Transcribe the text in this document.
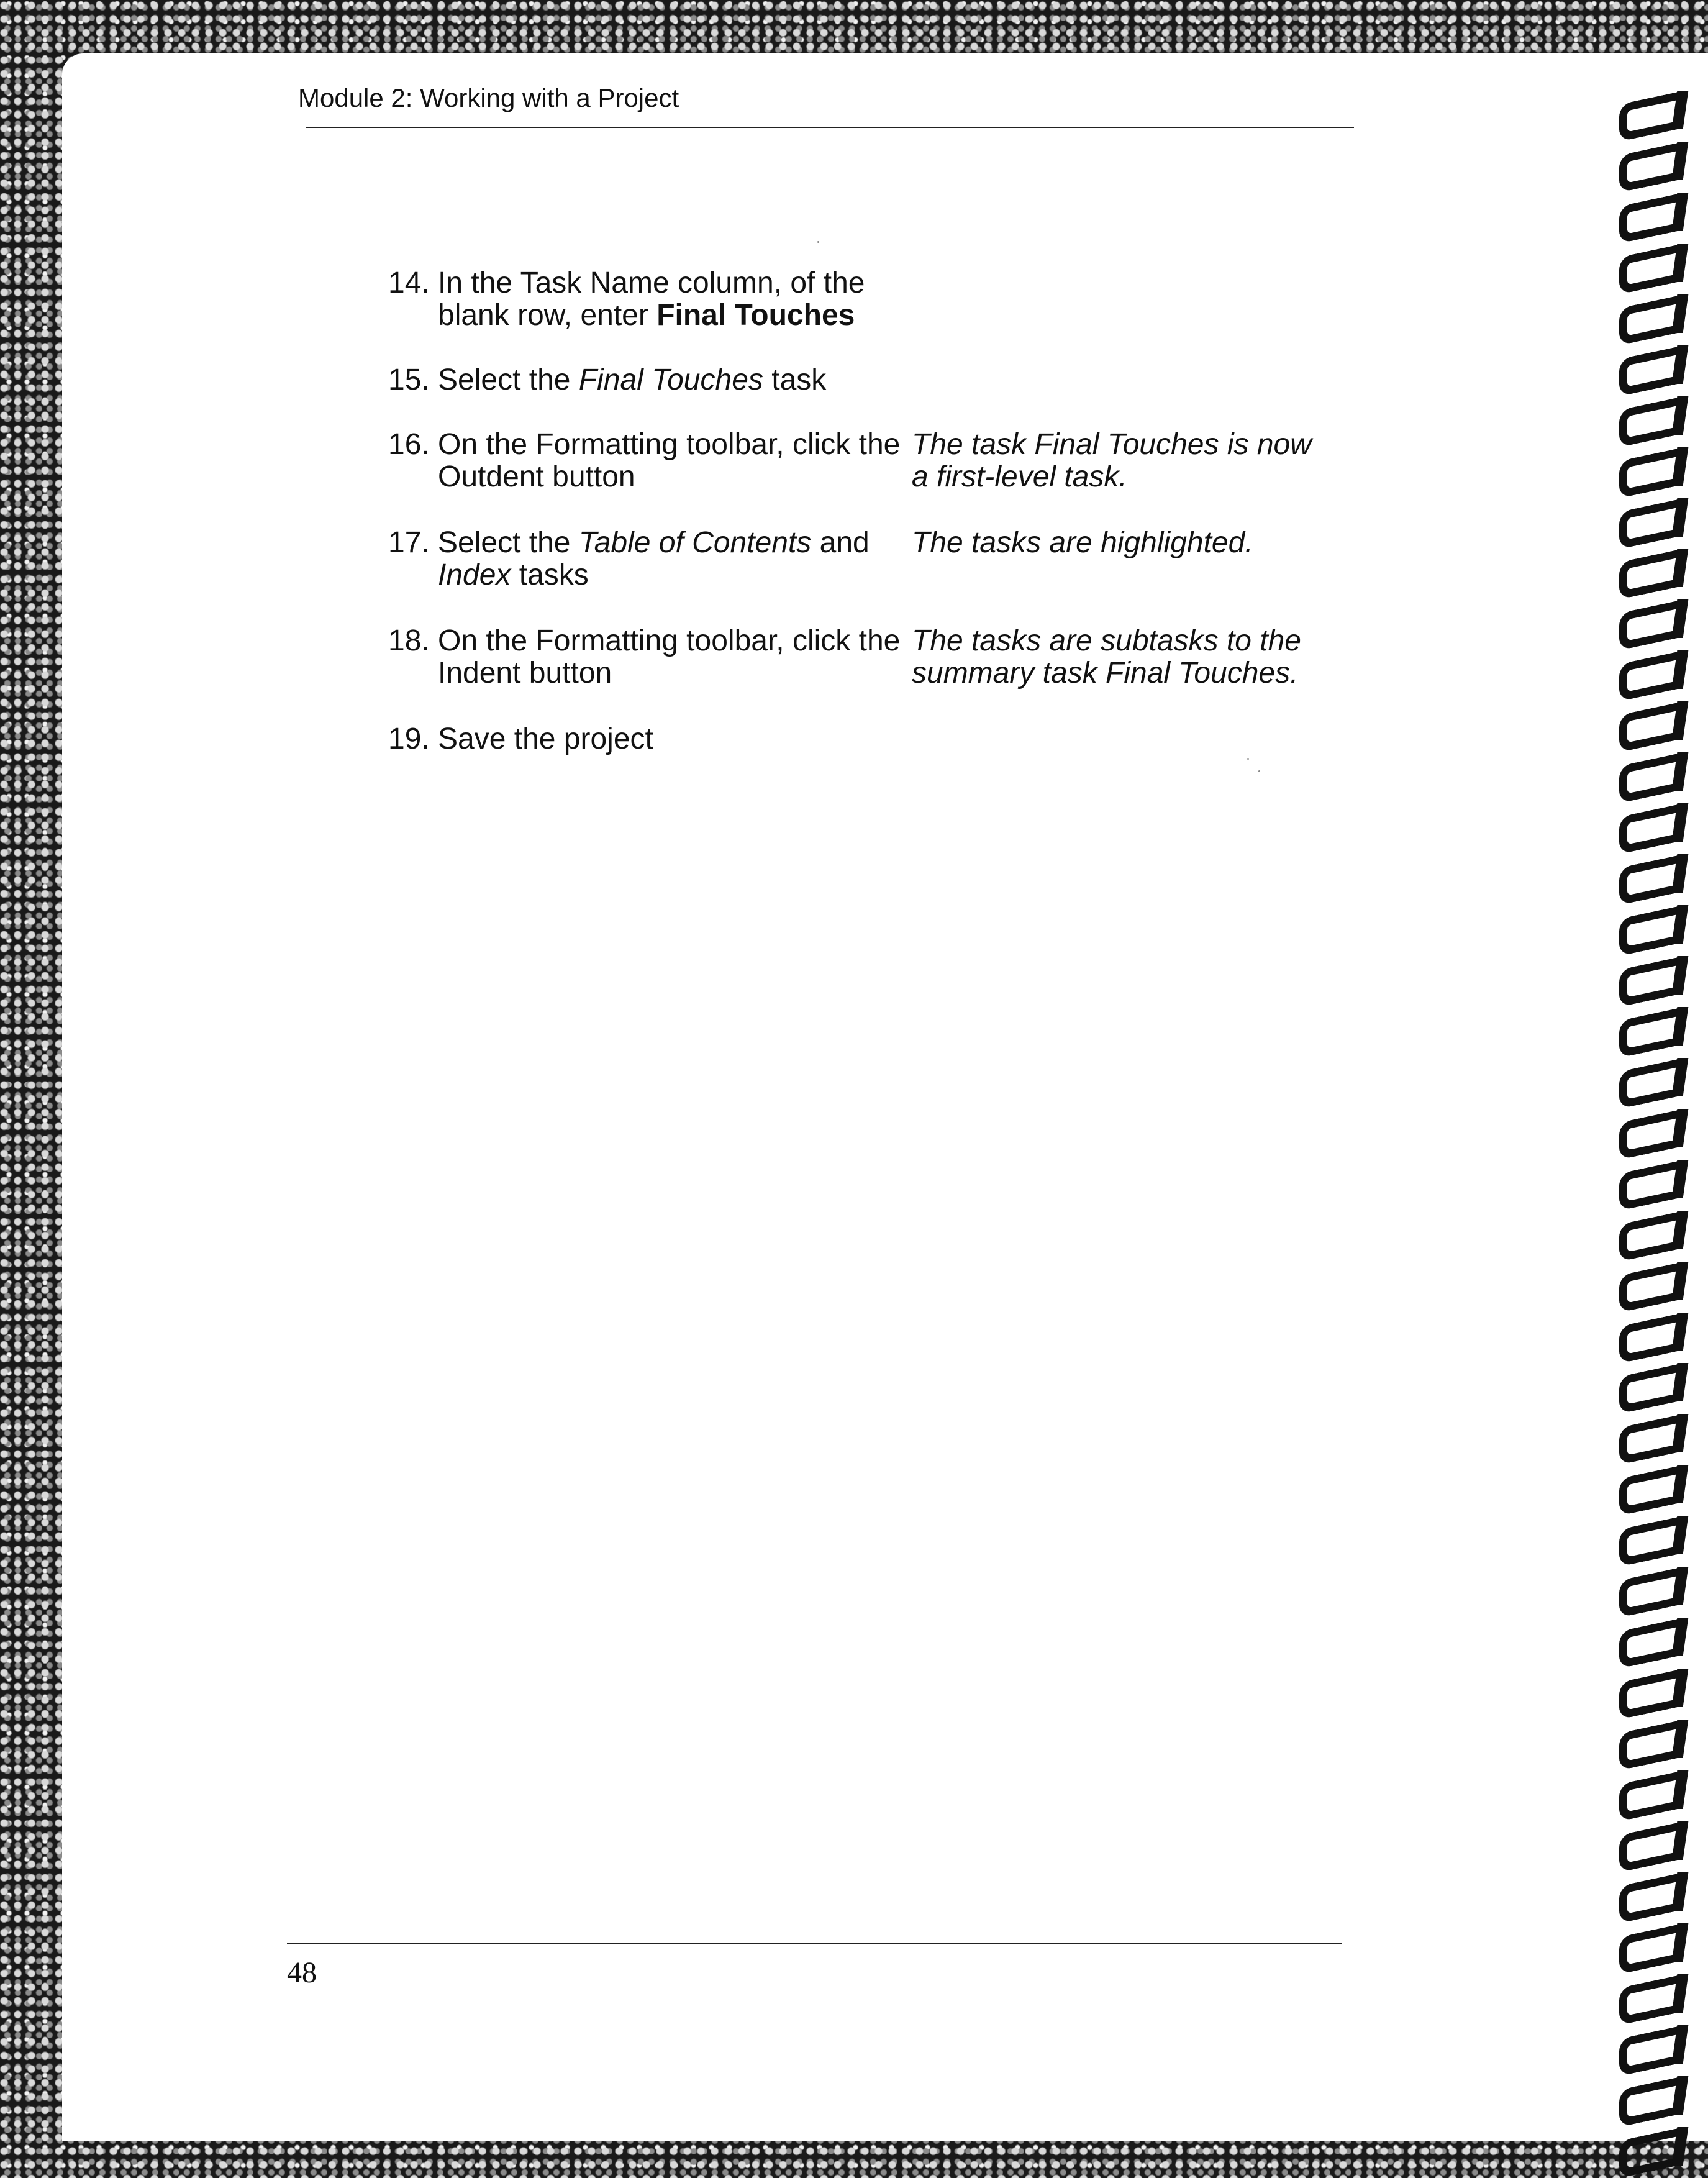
Module 2: Working with a Project
14. In the Task Name column, of the
blank row, enter Final Touches
15. Select the Final Touches task
16. On the Formatting toolbar, click the
Outdent button
The task Final Touches is now
a first-level task.
17. Select the Table of Contents and
Index tasks
The tasks are highlighted.
18. On the Formatting toolbar, click the
Indent button
The tasks are subtasks to the
summary task Final Touches.
19. Save the project
48
